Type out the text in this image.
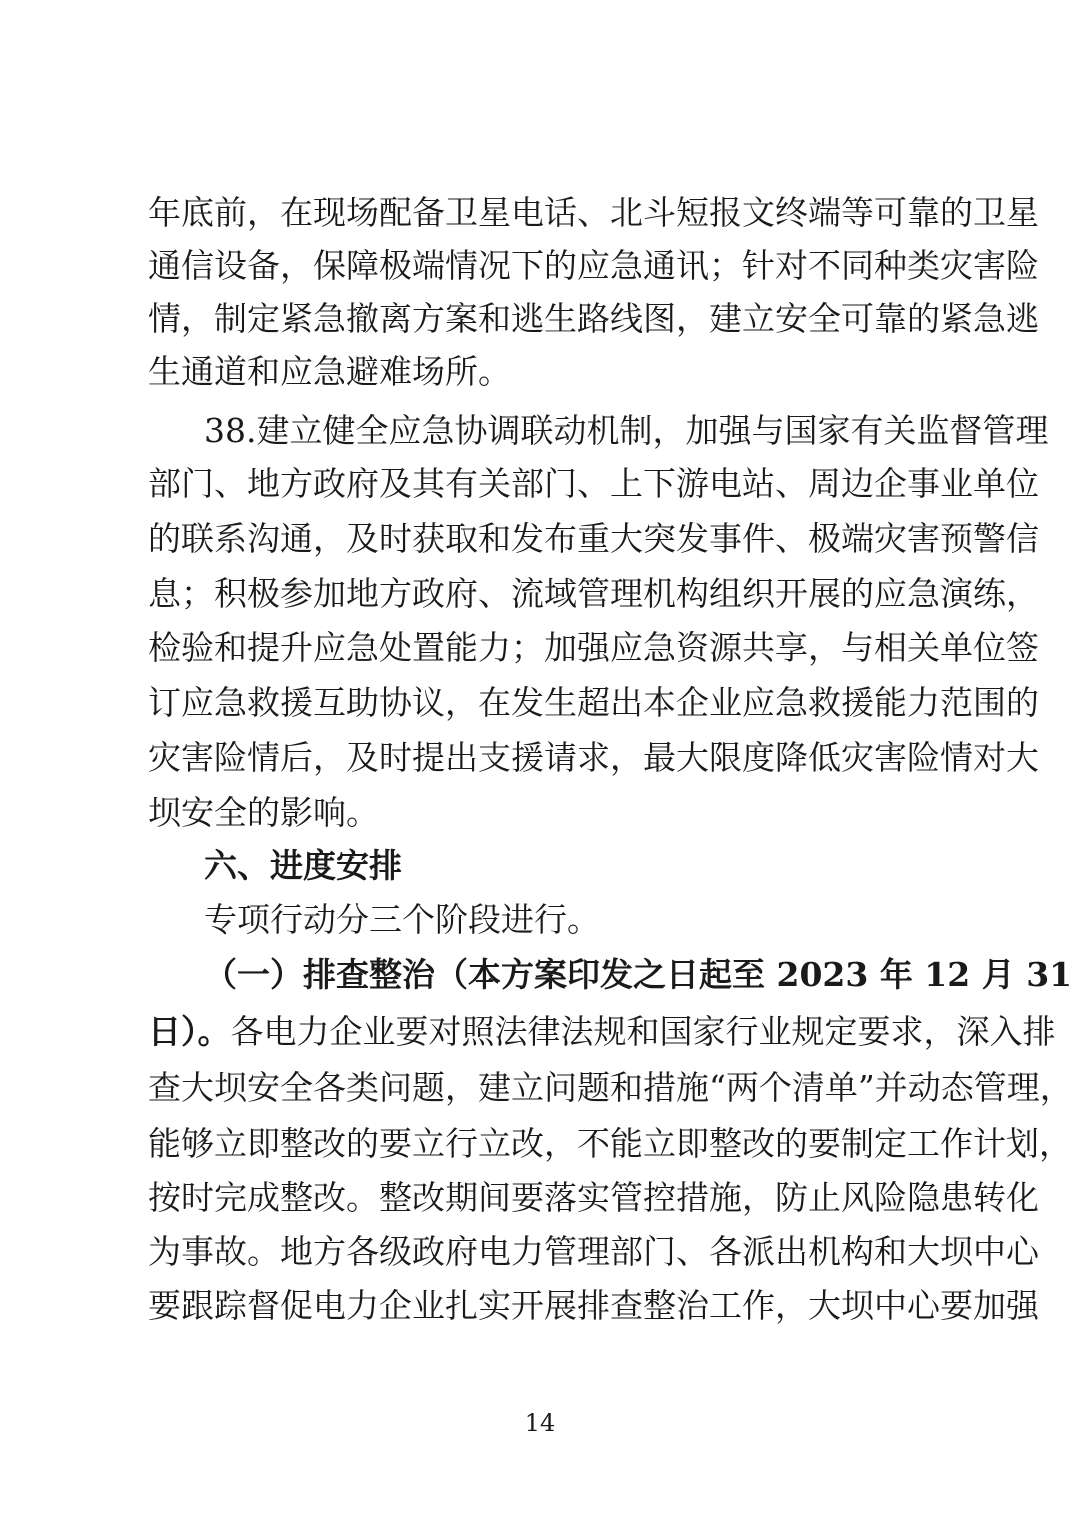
年底前，在现场配备卫星电话、北斗短报文终端等可靠的卫星
通信设备，保障极端情况下的应急通讯；针对不同种类灾害险
情，制定紧急撤离方案和逃生路线图，建立安全可靠的紧急逃
生通道和应急避难场所。
38.建立健全应急协调联动机制，加强与国家有关监督管理
部门、地方政府及其有关部门、上下游电站、周边企事业单位
的联系沟通，及时获取和发布重大突发事件、极端灾害预警信
息；积极参加地方政府、流域管理机构组织开展的应急演练，
检验和提升应急处置能力；加强应急资源共享，与相关单位签
订应急救援互助协议，在发生超出本企业应急救援能力范围的
灾害险情后，及时提出支援请求，最大限度降低灾害险情对大
坝安全的影响。
六、进度安排
专项行动分三个阶段进行。
（一）排查整治（本方案印发之日起至 2023 年 12 月 31
日）。各电力企业要对照法律法规和国家行业规定要求，深入排
查大坝安全各类问题，建立问题和措施“两个清单”并动态管理，
能够立即整改的要立行立改，不能立即整改的要制定工作计划，
按时完成整改。整改期间要落实管控措施，防止风险隐患转化
为事故。地方各级政府电力管理部门、各派出机构和大坝中心
要跟踪督促电力企业扎实开展排查整治工作，大坝中心要加强
14
